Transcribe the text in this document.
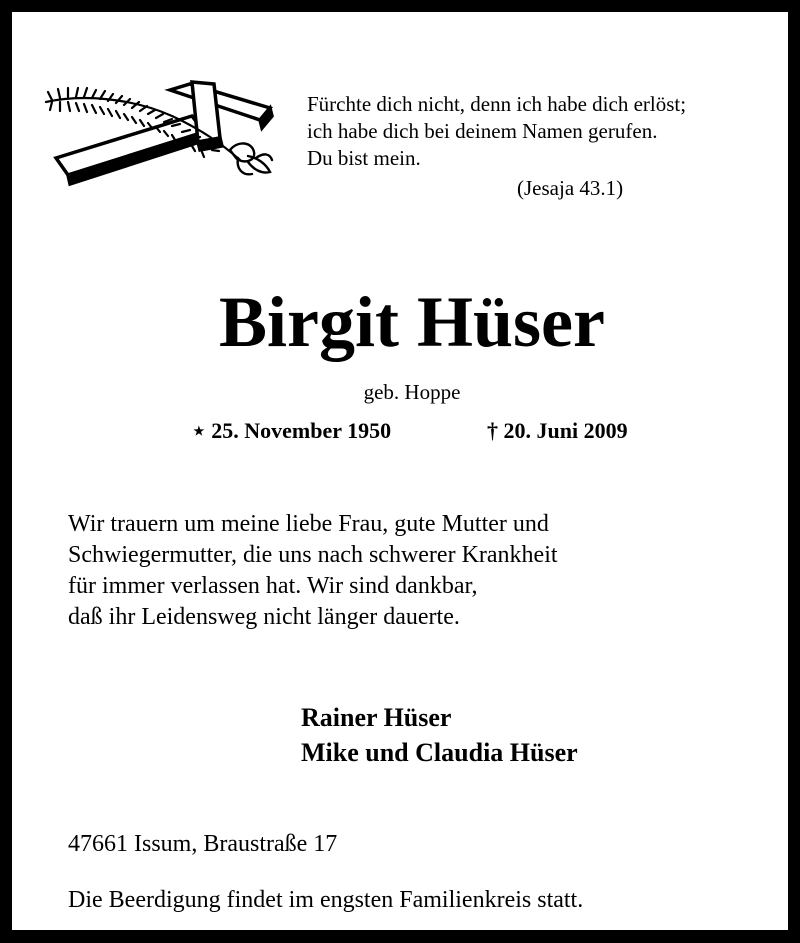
Fürchte dich nicht, denn ich habe dich erlöst;
ich habe dich bei deinem Namen gerufen.
Du bist mein.
(Jesaja 43.1)
Birgit Hüser
geb. Hoppe
⋆ 25. November 1950	† 20. Juni 2009
Wir trauern um meine liebe Frau, gute Mutter und
Schwiegermutter, die uns nach schwerer Krankheit
für immer verlassen hat. Wir sind dankbar,
daß ihr Leidensweg nicht länger dauerte.
Rainer Hüser
Mike und Claudia Hüser
47661 Issum, Braustraße 17
Die Beerdigung findet im engsten Familienkreis statt.
